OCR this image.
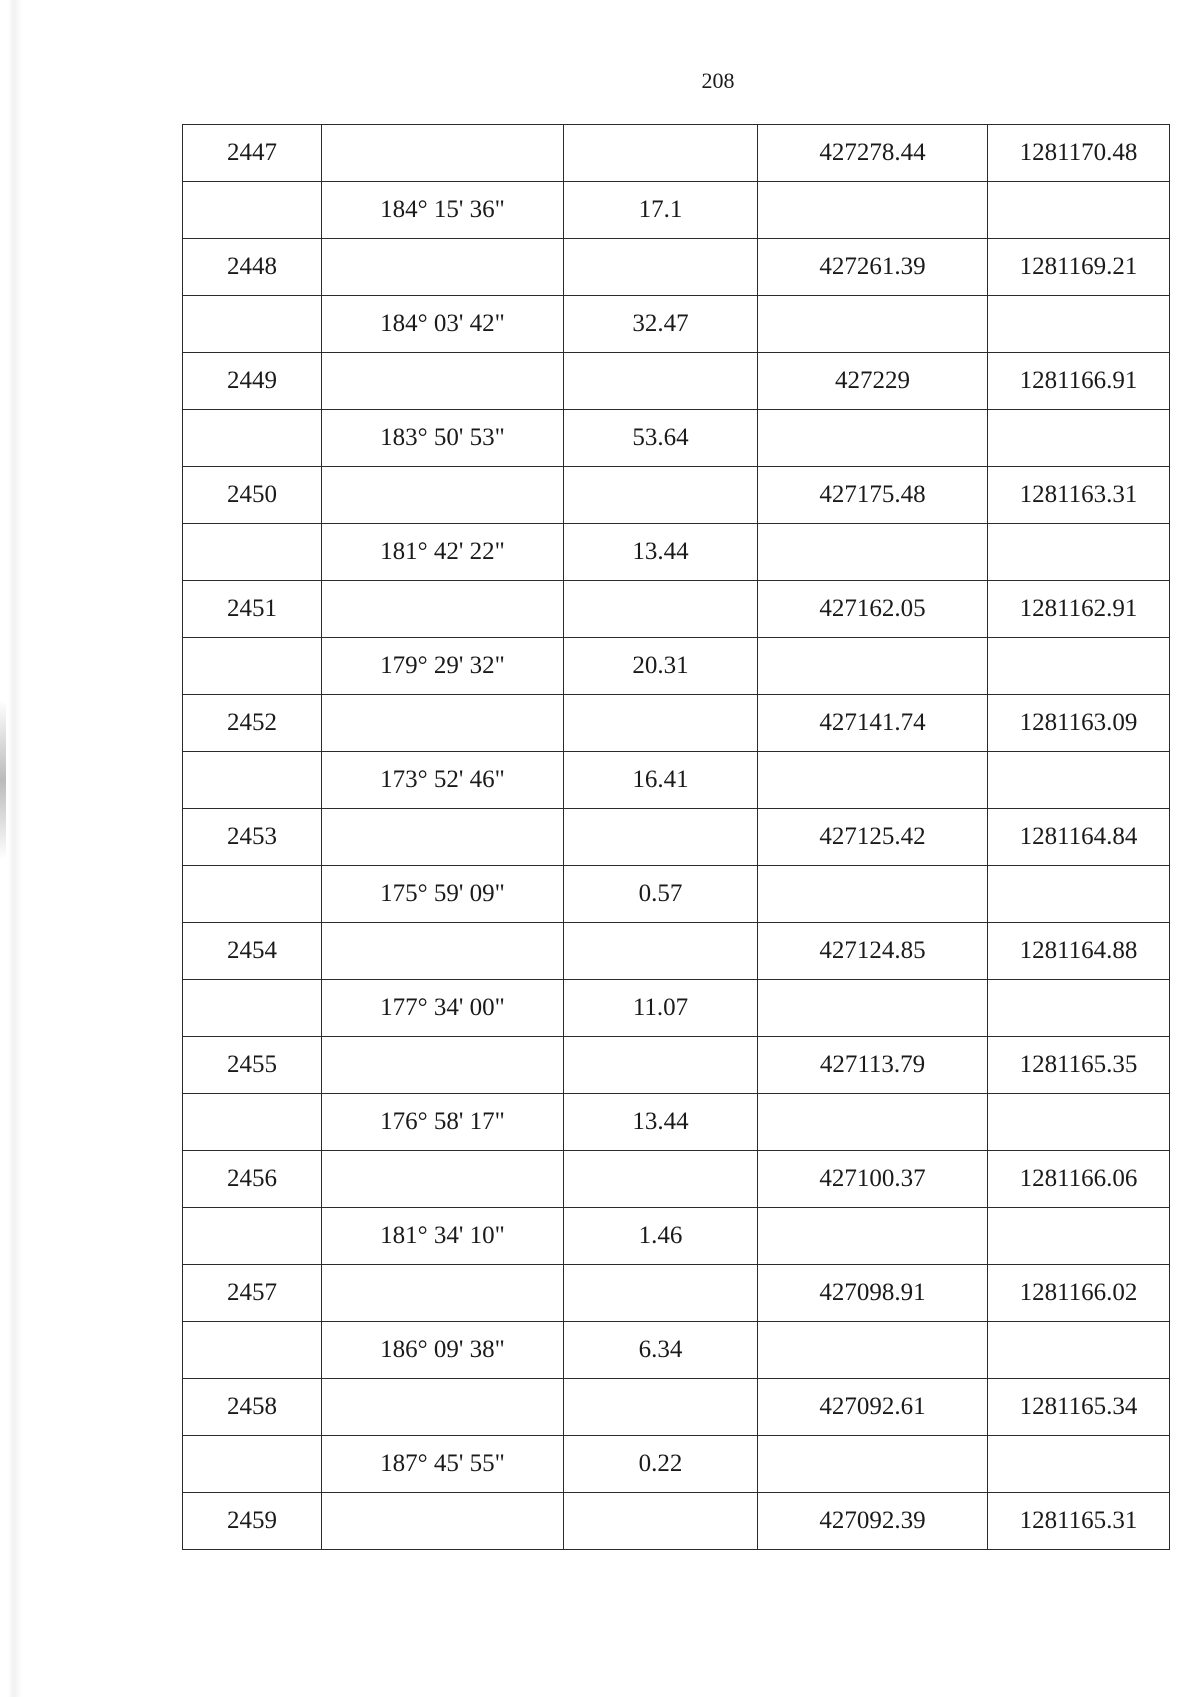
208
2447			427278.44	1281170.48
	184° 15' 36"	17.1		
2448			427261.39	1281169.21
	184° 03' 42"	32.47		
2449			427229	1281166.91
	183° 50' 53"	53.64		
2450			427175.48	1281163.31
	181° 42' 22"	13.44		
2451			427162.05	1281162.91
	179° 29' 32"	20.31		
2452			427141.74	1281163.09
	173° 52' 46"	16.41		
2453			427125.42	1281164.84
	175° 59' 09"	0.57		
2454			427124.85	1281164.88
	177° 34' 00"	11.07		
2455			427113.79	1281165.35
	176° 58' 17"	13.44		
2456			427100.37	1281166.06
	181° 34' 10"	1.46		
2457			427098.91	1281166.02
	186° 09' 38"	6.34		
2458			427092.61	1281165.34
	187° 45' 55"	0.22		
2459			427092.39	1281165.31
